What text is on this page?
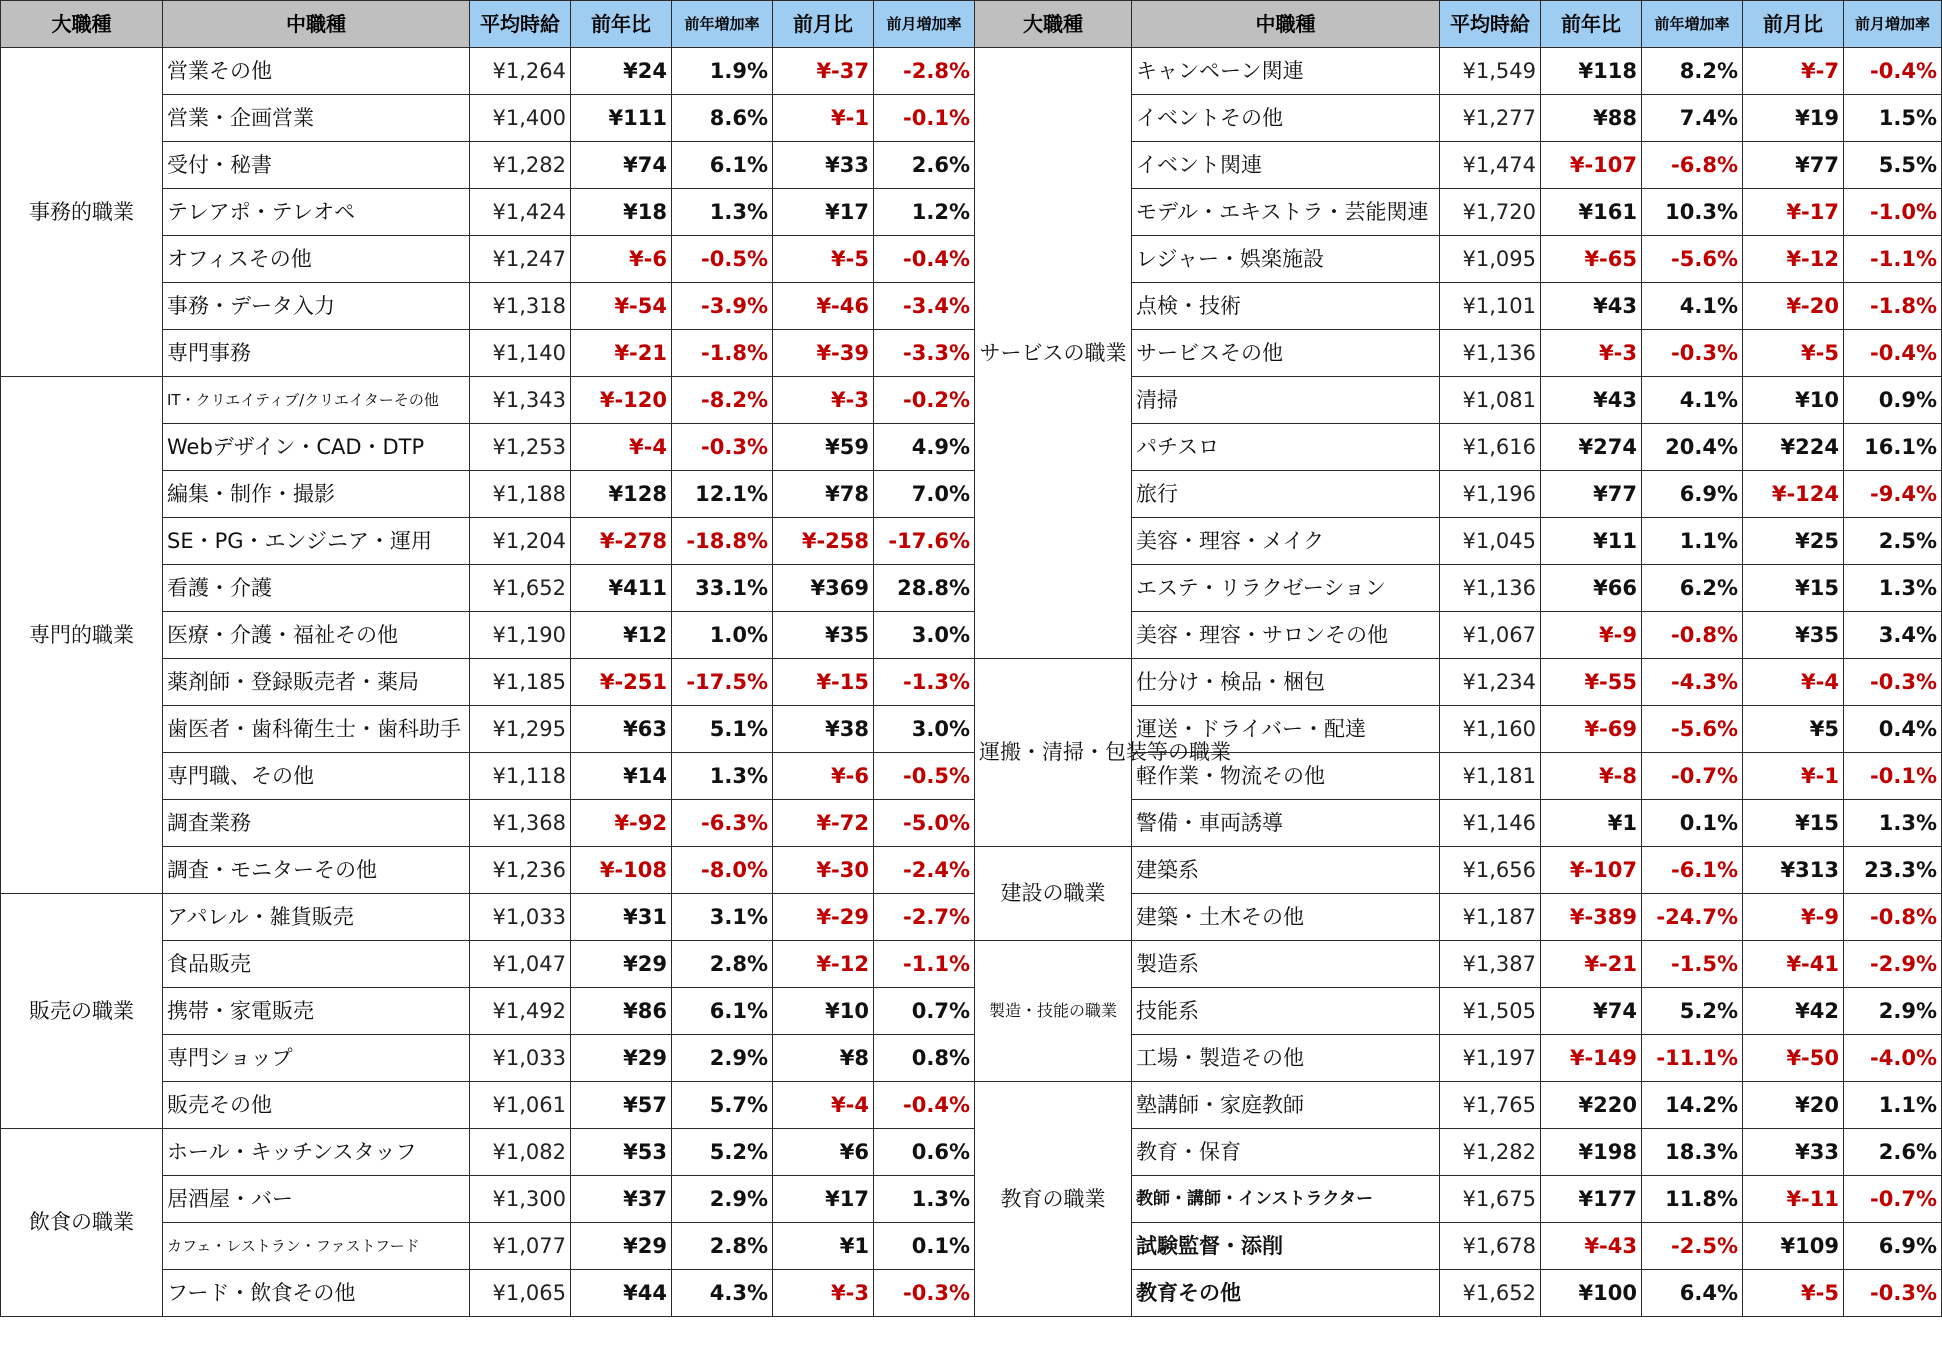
大職種	中職種	平均時給	前年比	前年増加率	前月比	前月増加率	大職種	中職種	平均時給	前年比	前年増加率	前月比	前月増加率
事務的職業	営業その他	¥1,264	¥24	1.9%	¥-37	-2.8%	サービスの職業	キャンペーン関連	¥1,549	¥118	8.2%	¥-7	-0.4%
	営業・企画営業	¥1,400	¥111	8.6%	¥-1	-0.1%		イベントその他	¥1,277	¥88	7.4%	¥19	1.5%
	受付・秘書	¥1,282	¥74	6.1%	¥33	2.6%		イベント関連	¥1,474	¥-107	-6.8%	¥77	5.5%
	テレアポ・テレオペ	¥1,424	¥18	1.3%	¥17	1.2%		モデル・エキストラ・芸能関連	¥1,720	¥161	10.3%	¥-17	-1.0%
	オフィスその他	¥1,247	¥-6	-0.5%	¥-5	-0.4%		レジャー・娯楽施設	¥1,095	¥-65	-5.6%	¥-12	-1.1%
	事務・データ入力	¥1,318	¥-54	-3.9%	¥-46	-3.4%		点検・技術	¥1,101	¥43	4.1%	¥-20	-1.8%
	専門事務	¥1,140	¥-21	-1.8%	¥-39	-3.3%		サービスその他	¥1,136	¥-3	-0.3%	¥-5	-0.4%
専門的職業	IT・クリエイティブ/クリエイターその他	¥1,343	¥-120	-8.2%	¥-3	-0.2%		清掃	¥1,081	¥43	4.1%	¥10	0.9%
	Webデザイン・CAD・DTP	¥1,253	¥-4	-0.3%	¥59	4.9%		パチスロ	¥1,616	¥274	20.4%	¥224	16.1%
	編集・制作・撮影	¥1,188	¥128	12.1%	¥78	7.0%		旅行	¥1,196	¥77	6.9%	¥-124	-9.4%
	SE・PG・エンジニア・運用	¥1,204	¥-278	-18.8%	¥-258	-17.6%		美容・理容・メイク	¥1,045	¥11	1.1%	¥25	2.5%
	看護・介護	¥1,652	¥411	33.1%	¥369	28.8%		エステ・リラクゼーション	¥1,136	¥66	6.2%	¥15	1.3%
	医療・介護・福祉その他	¥1,190	¥12	1.0%	¥35	3.0%		美容・理容・サロンその他	¥1,067	¥-9	-0.8%	¥35	3.4%
	薬剤師・登録販売者・薬局	¥1,185	¥-251	-17.5%	¥-15	-1.3%	運搬・清掃・包装等の職業	仕分け・検品・梱包	¥1,234	¥-55	-4.3%	¥-4	-0.3%
	歯医者・歯科衛生士・歯科助手	¥1,295	¥63	5.1%	¥38	3.0%		運送・ドライバー・配達	¥1,160	¥-69	-5.6%	¥5	0.4%
	専門職、その他	¥1,118	¥14	1.3%	¥-6	-0.5%		軽作業・物流その他	¥1,181	¥-8	-0.7%	¥-1	-0.1%
	調査業務	¥1,368	¥-92	-6.3%	¥-72	-5.0%		警備・車両誘導	¥1,146	¥1	0.1%	¥15	1.3%
	調査・モニターその他	¥1,236	¥-108	-8.0%	¥-30	-2.4%	建設の職業	建築系	¥1,656	¥-107	-6.1%	¥313	23.3%
販売の職業	アパレル・雑貨販売	¥1,033	¥31	3.1%	¥-29	-2.7%		建築・土木その他	¥1,187	¥-389	-24.7%	¥-9	-0.8%
	食品販売	¥1,047	¥29	2.8%	¥-12	-1.1%	製造・技能の職業	製造系	¥1,387	¥-21	-1.5%	¥-41	-2.9%
	携帯・家電販売	¥1,492	¥86	6.1%	¥10	0.7%		技能系	¥1,505	¥74	5.2%	¥42	2.9%
	専門ショップ	¥1,033	¥29	2.9%	¥8	0.8%		工場・製造その他	¥1,197	¥-149	-11.1%	¥-50	-4.0%
	販売その他	¥1,061	¥57	5.7%	¥-4	-0.4%	教育の職業	塾講師・家庭教師	¥1,765	¥220	14.2%	¥20	1.1%
飲食の職業	ホール・キッチンスタッフ	¥1,082	¥53	5.2%	¥6	0.6%		教育・保育	¥1,282	¥198	18.3%	¥33	2.6%
	居酒屋・バー	¥1,300	¥37	2.9%	¥17	1.3%		教師・講師・インストラクター	¥1,675	¥177	11.8%	¥-11	-0.7%
	カフェ・レストラン・ファストフード	¥1,077	¥29	2.8%	¥1	0.1%		試験監督・添削	¥1,678	¥-43	-2.5%	¥109	6.9%
	フード・飲食その他	¥1,065	¥44	4.3%	¥-3	-0.3%		教育その他	¥1,652	¥100	6.4%	¥-5	-0.3%
